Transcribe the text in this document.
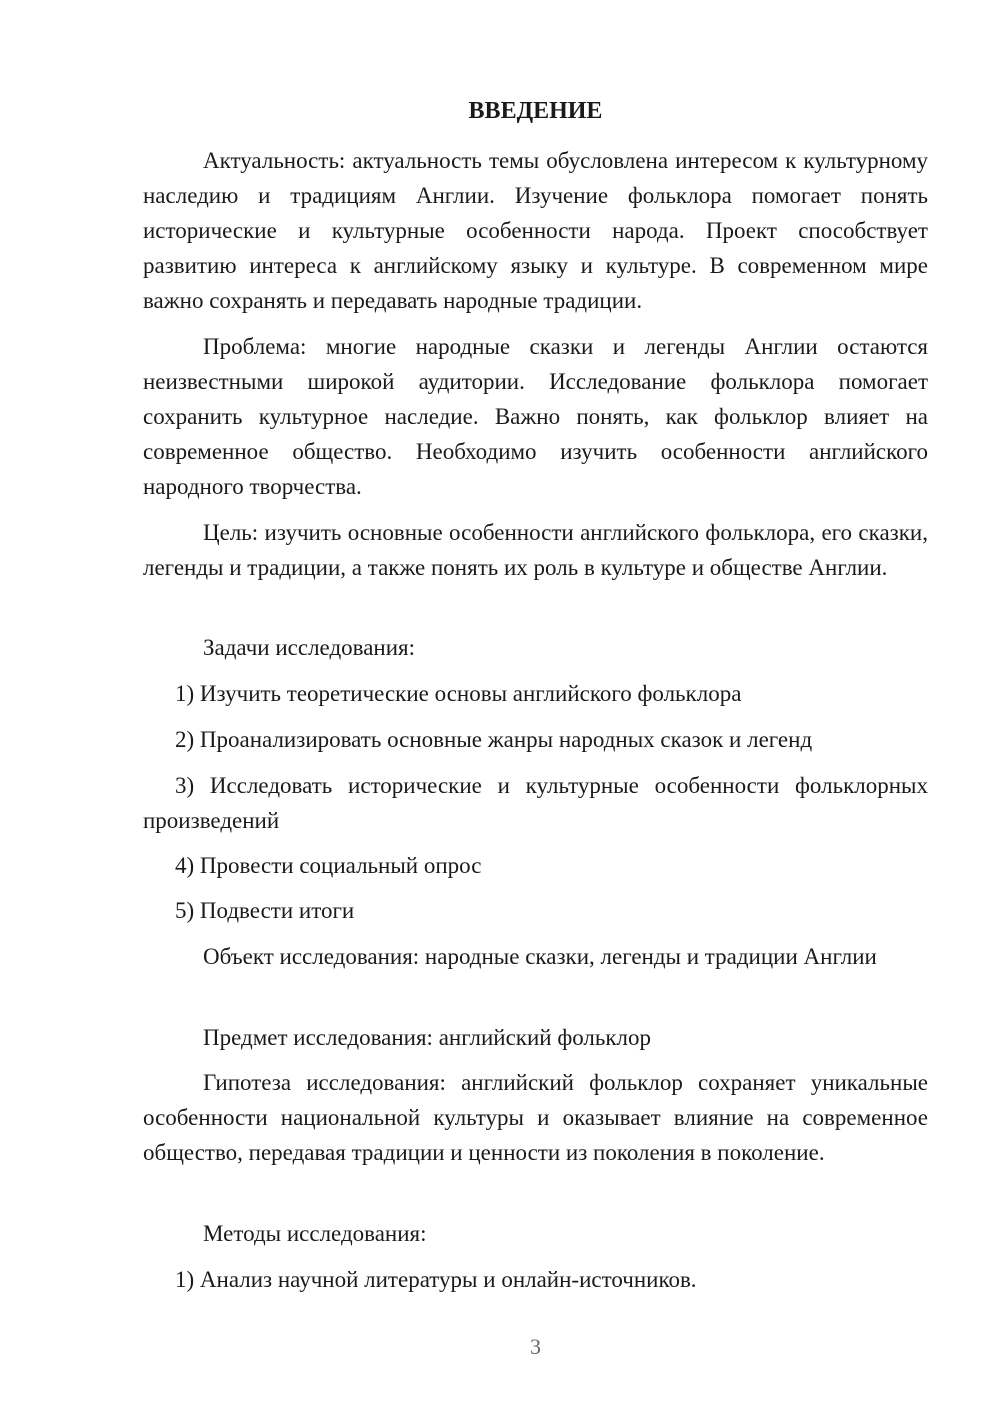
ВВЕДЕНИЕ

Актуальность: актуальность темы обусловлена интересом к культурному наследию и традициям Англии. Изучение фольклора помогает понять исторические и культурные особенности народа. Проект способствует развитию интереса к английскому языку и культуре. В современном мире важно сохранять и передавать народные традиции.

Проблема: многие народные сказки и легенды Англии остаются неизвестными широкой аудитории. Исследование фольклора помогает сохранить культурное наследие. Важно понять, как фольклор влияет на современное общество. Необходимо изучить особенности английского народного творчества.

Цель: изучить основные особенности английского фольклора, его сказки, легенды и традиции, а также понять их роль в культуре и обществе Англии.

Задачи исследования:

1) Изучить теоретические основы английского фольклора

2) Проанализировать основные жанры народных сказок и легенд

3) Исследовать исторические и культурные особенности фольклорных произведений

4) Провести социальный опрос

5) Подвести итоги

Объект исследования: народные сказки, легенды и традиции Англии

Предмет исследования: английский фольклор

Гипотеза исследования: английский фольклор сохраняет уникальные особенности национальной культуры и оказывает влияние на современное общество, передавая традиции и ценности из поколения в поколение.

Методы исследования:

1) Анализ научной литературы и онлайн-источников.

3
